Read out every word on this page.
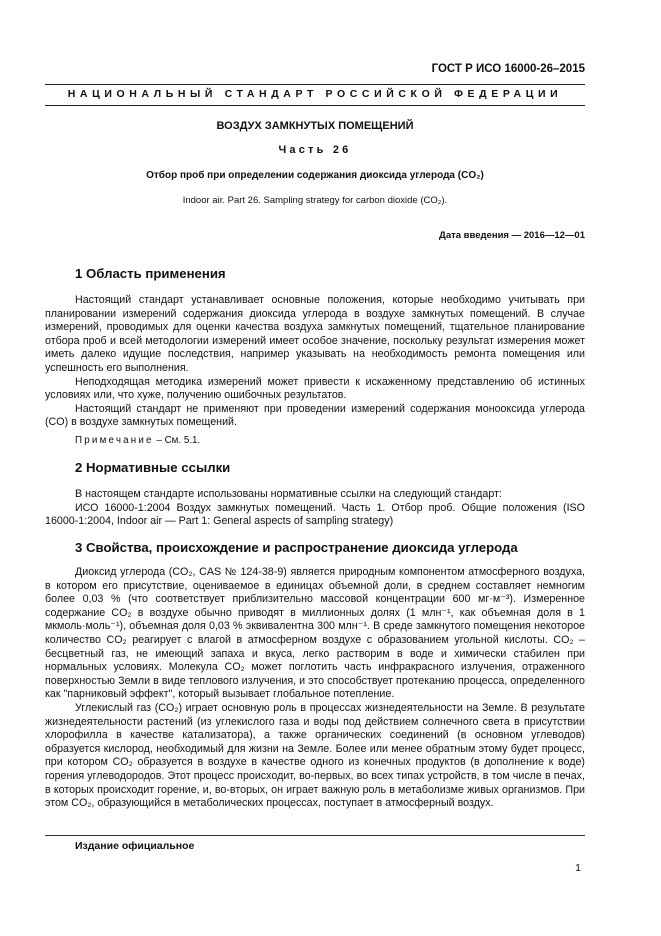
ГОСТ Р ИСО 16000-26–2015
НАЦИОНАЛЬНЫЙ СТАНДАРТ РОССИЙСКОЙ ФЕДЕРАЦИИ
ВОЗДУХ ЗАМКНУТЫХ ПОМЕЩЕНИЙ
Часть 26
Отбор проб при определении содержания диоксида углерода (CO₂)
Indoor air. Part 26. Sampling strategy for carbon dioxide (CO₂).
Дата введения — 2016—12—01
1 Область применения

Настоящий стандарт устанавливает основные положения, которые необходимо учитывать при планировании измерений содержания диоксида углерода в воздухе замкнутых помещений. В случае измерений, проводимых для оценки качества воздуха замкнутых помещений, тщательное планирование отбора проб и всей методологии измерений имеет особое значение, поскольку результат измерения может иметь далеко идущие последствия, например указывать на необходимость ремонта помещения или успешность его выполнения.

Неподходящая методика измерений может привести к искаженному представлению об истинных условиях или, что хуже, получению ошибочных результатов.

Настоящий стандарт не применяют при проведении измерений содержания монооксида углерода (CO) в воздухе замкнутых помещений.

Примечание – См. 5.1.

2 Нормативные ссылки

В настоящем стандарте использованы нормативные ссылки на следующий стандарт:

ИСО 16000-1:2004 Воздух замкнутых помещений. Часть 1. Отбор проб. Общие положения (ISO 16000-1:2004, Indoor air — Part 1: General aspects of sampling strategy)

3 Свойства, происхождение и распространение диоксида углерода

Диоксид углерода (CO₂, CAS № 124-38-9) является природным компонентом атмосферного воздуха, в котором его присутствие, оцениваемое в единицах объемной доли, в среднем составляет немногим более 0,03 % (что соответствует приблизительно массовой концентрации 600 мг·м⁻³). Измеренное содержание CO₂ в воздухе обычно приводят в миллионных долях (1 млн⁻¹, как объемная доля в 1 мкмоль·моль⁻¹), объемная доля 0,03 % эквивалентна 300 млн⁻¹. В среде замкнутого помещения некоторое количество CO₂ реагирует с влагой в атмосферном воздухе с образованием угольной кислоты. CO₂ – бесцветный газ, не имеющий запаха и вкуса, легко растворим в воде и химически стабилен при нормальных условиях. Молекула CO₂ может поглотить часть инфракрасного излучения, отраженного поверхностью Земли в виде теплового излучения, и это способствует протеканию процесса, определенного как "парниковый эффект", который вызывает глобальное потепление.

Углекислый газ (CO₂) играет основную роль в процессах жизнедеятельности на Земле. В результате жизнедеятельности растений (из углекислого газа и воды под действием солнечного света в присутствии хлорофилла в качестве катализатора), а также органических соединений (в основном углеводов) образуется кислород, необходимый для жизни на Земле. Более или менее обратным этому будет процесс, при котором CO₂ образуется в воздухе в качестве одного из конечных продуктов (в дополнение к воде) горения углеводородов. Этот процесс происходит, во-первых, во всех типах устройств, в том числе в печах, в которых происходит горение, и, во-вторых, он играет важную роль в метаболизме живых организмов. При этом CO₂, образующийся в метаболических процессах, поступает в атмосферный воздух.

Издание официальное
1
